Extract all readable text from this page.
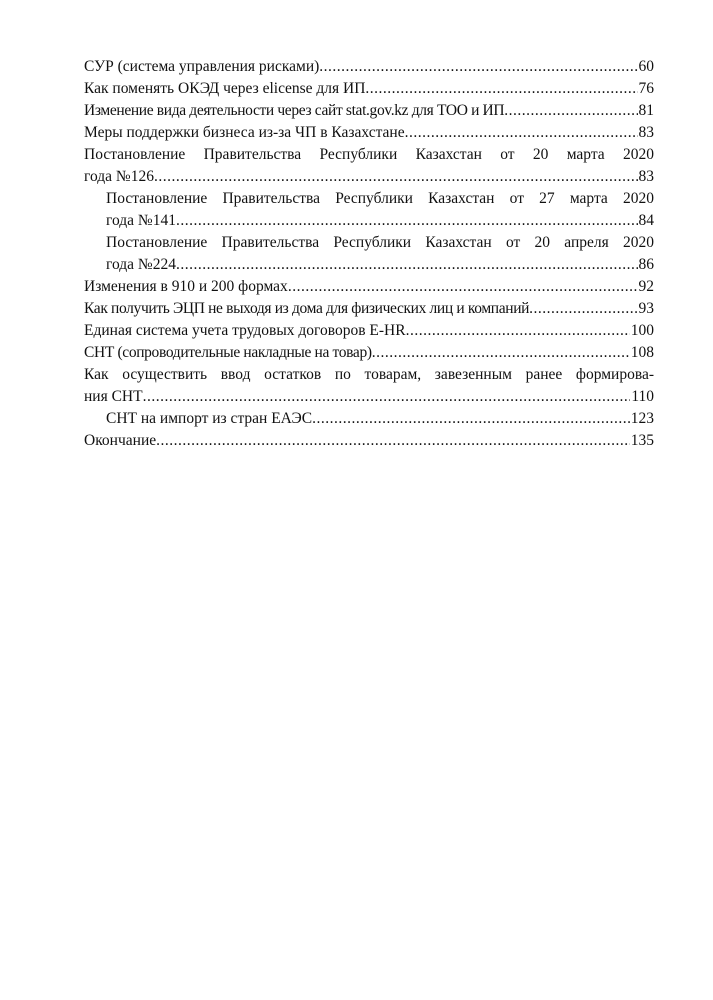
СУР (система управления рисками) .....	60
Как поменять ОКЭД через elicense для ИП .....	76
Изменение вида деятельности через сайт stat.gov.kz для ТОО и ИП .....	81
Меры поддержки бизнеса из-за ЧП в Казахстане .....	83
Постановление Правительства Республики Казахстан от 20 марта 2020
года №126 .....	83
Постановление Правительства Республики Казахстан от 27 марта 2020
года №141 .....	84
Постановление Правительства Республики Казахстан от 20 апреля 2020
года №224 .....	86
Изменения в 910 и 200 формах .....	92
Как получить ЭЦП не выходя из дома для физических лиц и компаний .....	93
Единая система учета трудовых договоров E-HR .....	100
СНТ (сопроводительные накладные на товар) .....	108
Как осуществить ввод остатков по товарам, завезенным ранее формирова-
ния СНТ .....	110
СНТ на импорт из стран ЕАЭС .....	123
Окончание .....	135
